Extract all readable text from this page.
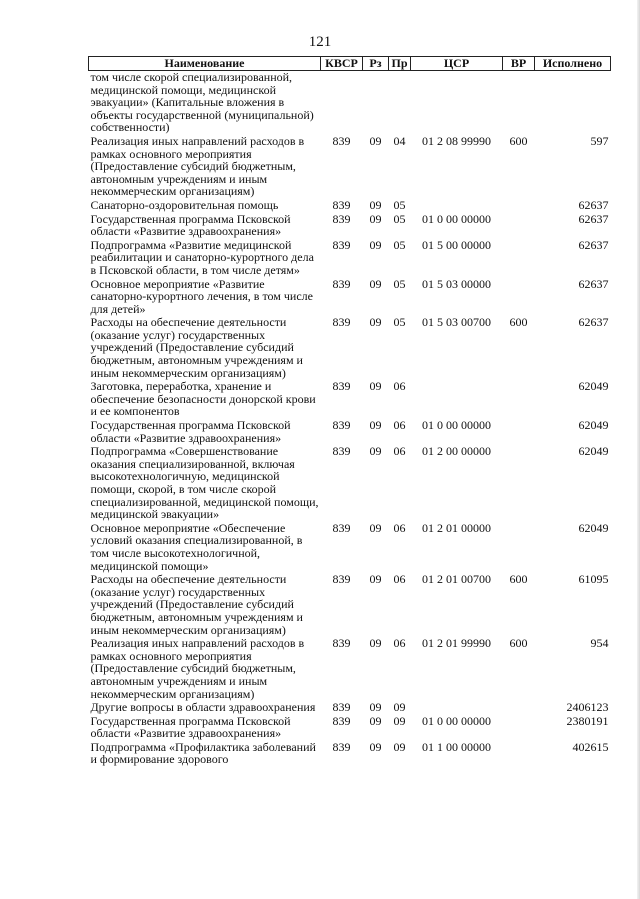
121
Наименование	КВСР	Рз	Пр	ЦСР	ВР	Исполнено
том числе скорой специализированной, медицинской помощи, медицинской эвакуации» (Капитальные вложения в объекты государственной (муниципальной) собственности)						
Реализация иных направлений расходов в рамках основного мероприятия (Предоставление субсидий бюджетным, автономным учреждениям и иным некоммерческим организациям)	839	09	04	01 2 08 99990	600	597
Санаторно-оздоровительная помощь	839	09	05			62637
Государственная программа Псковской области «Развитие здравоохранения»	839	09	05	01 0 00 00000		62637
Подпрограмма «Развитие медицинской реабилитации и санаторно-курортного дела в Псковской области, в том числе детям»	839	09	05	01 5 00 00000		62637
Основное мероприятие «Развитие санаторно-курортного лечения, в том числе для детей»	839	09	05	01 5 03 00000		62637
Расходы на обеспечение деятельности (оказание услуг) государственных учреждений (Предоставление субсидий бюджетным, автономным учреждениям и иным некоммерческим организациям)	839	09	05	01 5 03 00700	600	62637
Заготовка, переработка, хранение и обеспечение безопасности донорской крови и ее компонентов	839	09	06			62049
Государственная программа Псковской области «Развитие здравоохранения»	839	09	06	01 0 00 00000		62049
Подпрограмма «Совершенствование оказания специализированной, включая высокотехнологичную, медицинской помощи, скорой, в том числе скорой специализированной, медицинской помощи, медицинской эвакуации»	839	09	06	01 2 00 00000		62049
Основное мероприятие «Обеспечение условий оказания специализированной, в том числе высокотехнологичной, медицинской помощи»	839	09	06	01 2 01 00000		62049
Расходы на обеспечение деятельности (оказание услуг) государственных учреждений (Предоставление субсидий бюджетным, автономным учреждениям и иным некоммерческим организациям)	839	09	06	01 2 01 00700	600	61095
Реализация иных направлений расходов в рамках основного мероприятия (Предоставление субсидий бюджетным, автономным учреждениям и иным некоммерческим организациям)	839	09	06	01 2 01 99990	600	954
Другие вопросы в области здравоохранения	839	09	09			2406123
Государственная программа Псковской области «Развитие здравоохранения»	839	09	09	01 0 00 00000		2380191
Подпрограмма «Профилактика заболеваний и формирование здорового	839	09	09	01 1 00 00000		402615
